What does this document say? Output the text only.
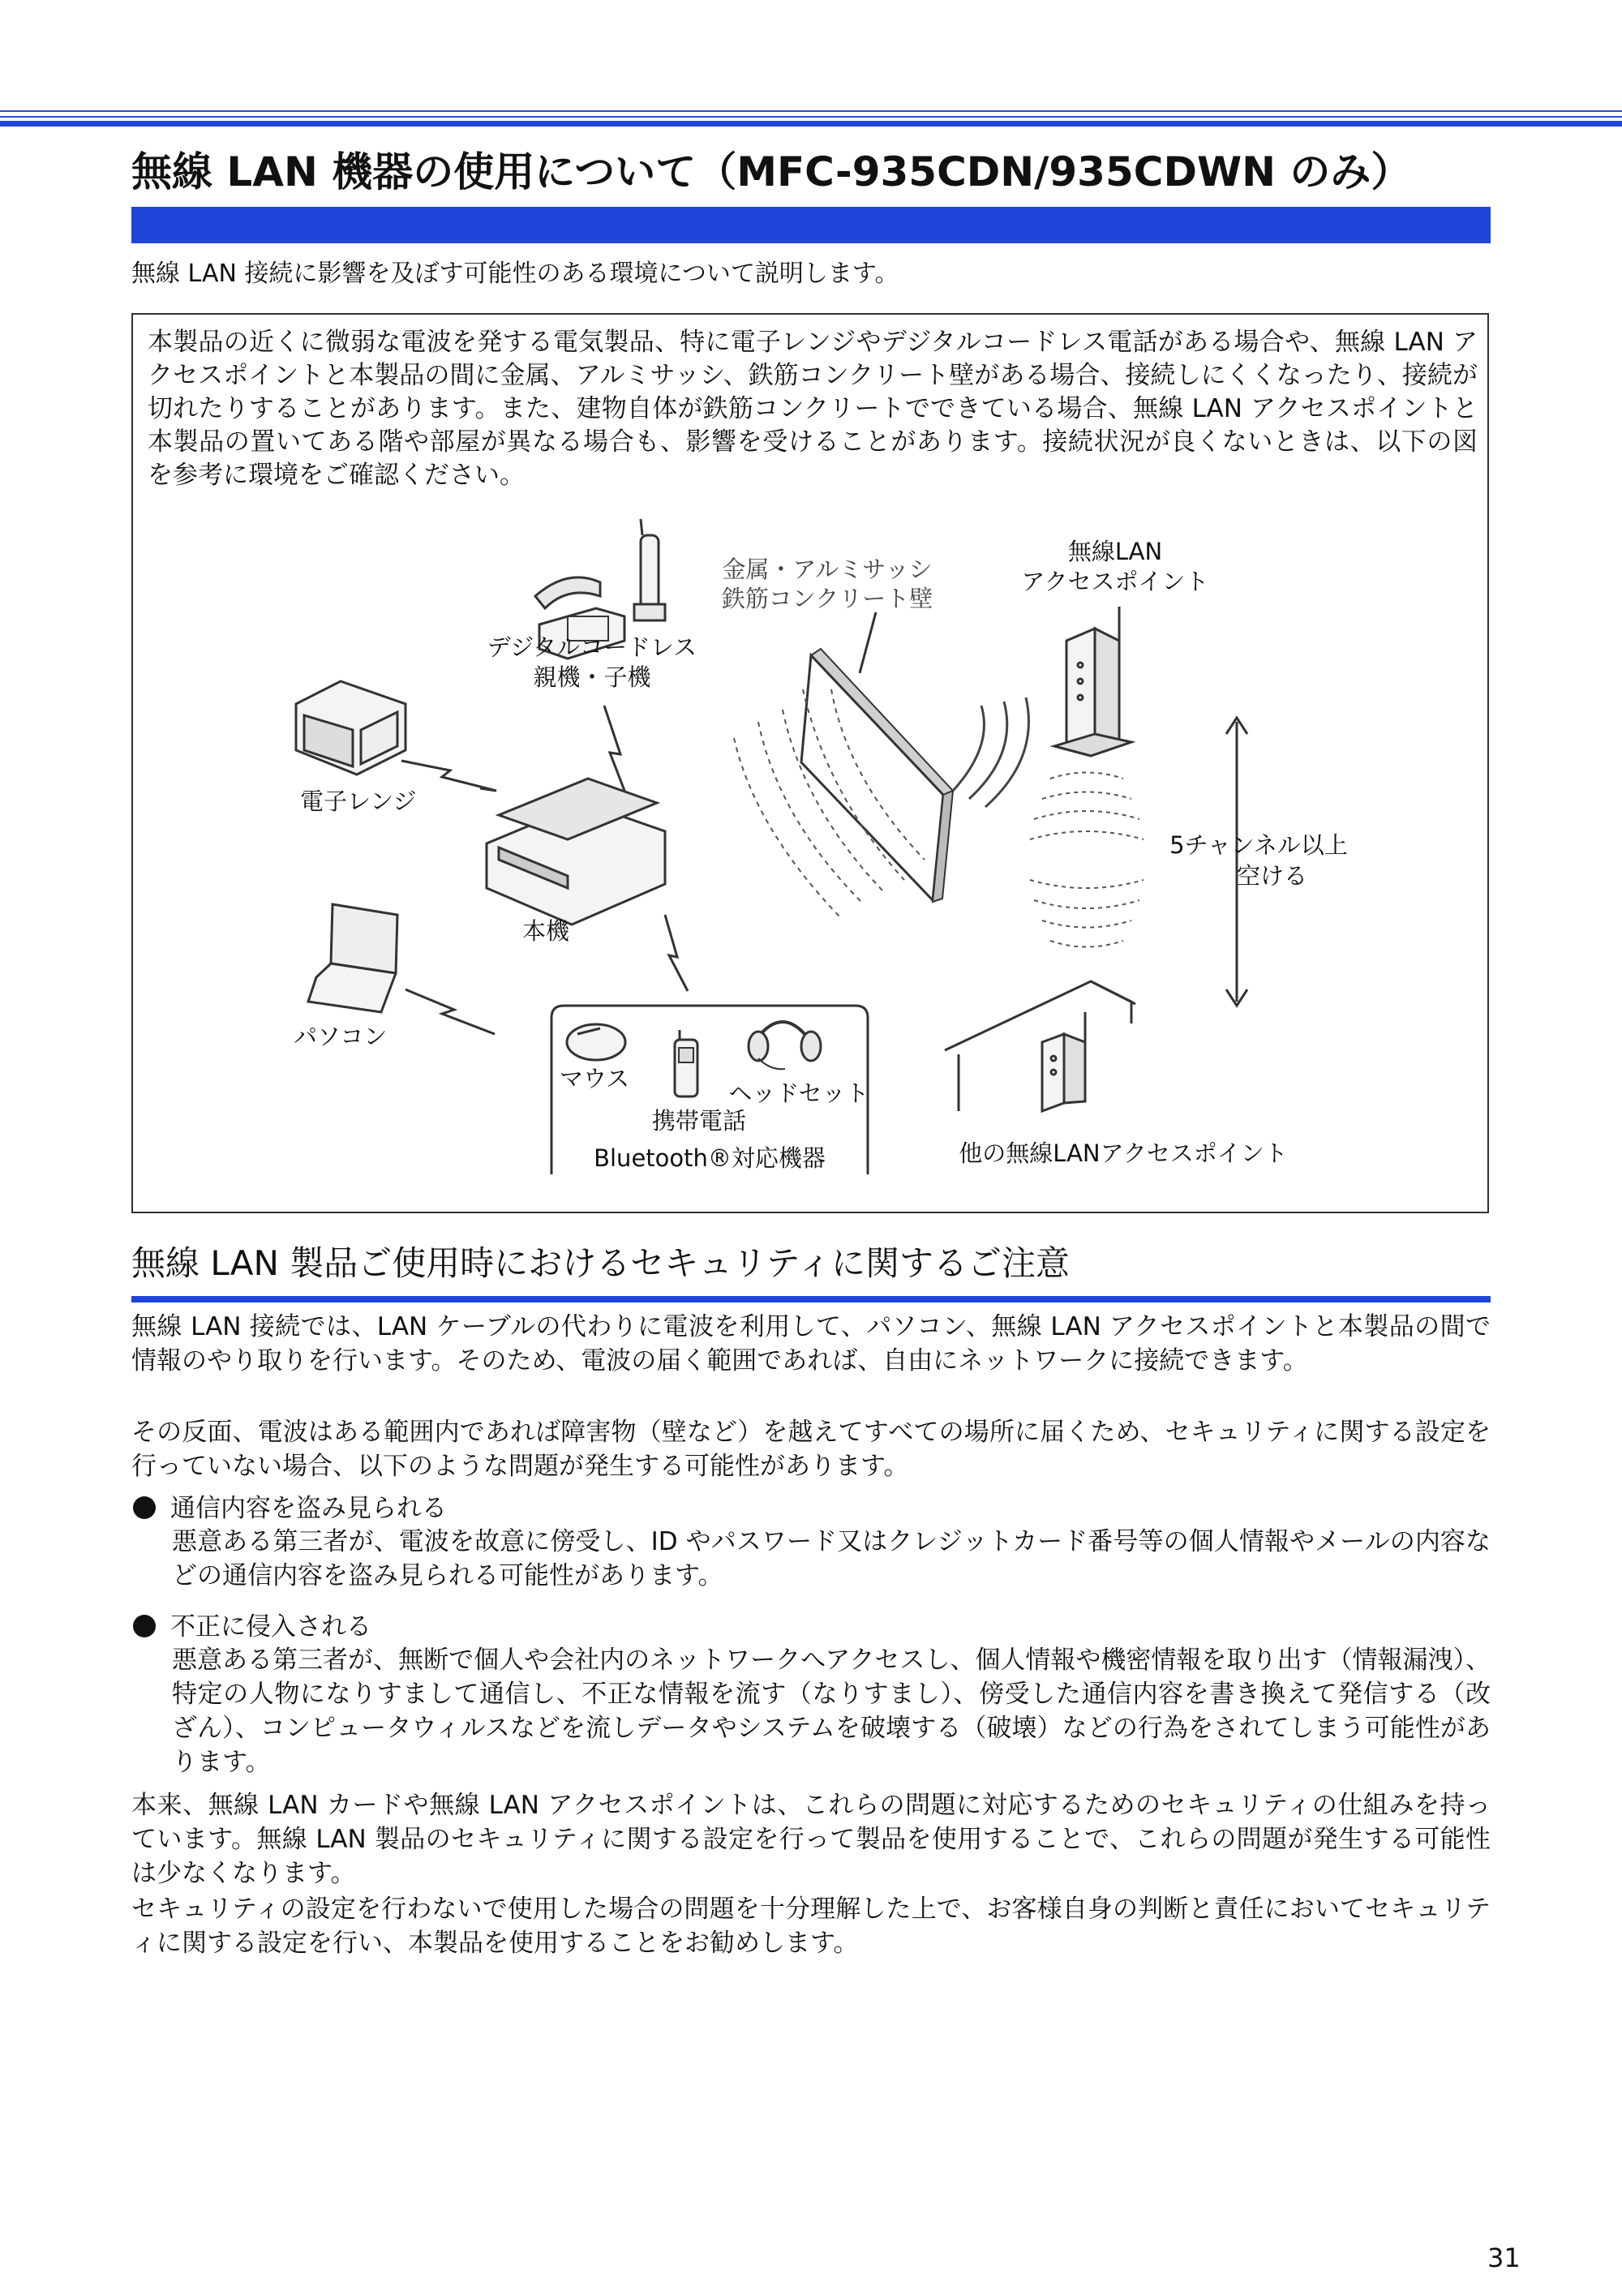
無線 LAN 機器の使用について（MFC-935CDN/935CDWN のみ）
無線 LAN 接続に影響を及ぼす可能性のある環境について説明します。
本製品の近くに微弱な電波を発する電気製品、特に電子レンジやデジタルコードレス電話がある場合や、無線 LAN アクセスポイントと本製品の間に金属、アルミサッシ、鉄筋コンクリート壁がある場合、接続しにくくなったり、接続が切れたりすることがあります。また、建物自体が鉄筋コンクリートでできている場合、無線 LAN アクセスポイントと本製品の置いてある階や部屋が異なる場合も、影響を受けることがあります。接続状況が良くないときは、以下の図を参考に環境をご確認ください。
デジタルコードレス
親機・子機
電子レンジ
本機
パソコン
マウス
携帯電話
ヘッドセット
Bluetooth®対応機器
金属・アルミサッシ
鉄筋コンクリート壁
無線LAN
アクセスポイント
5チャンネル以上
空ける
他の無線LANアクセスポイント
無線 LAN 製品ご使用時におけるセキュリティに関するご注意
無線 LAN 接続では、LAN ケーブルの代わりに電波を利用して、パソコン、無線 LAN アクセスポイントと本製品の間で情報のやり取りを行います。そのため、電波の届く範囲であれば、自由にネットワークに接続できます。
その反面、電波はある範囲内であれば障害物（壁など）を越えてすべての場所に届くため、セキュリティに関する設定を行っていない場合、以下のような問題が発生する可能性があります。
通信内容を盗み見られる
悪意ある第三者が、電波を故意に傍受し、ID やパスワード又はクレジットカード番号等の個人情報やメールの内容などの通信内容を盗み見られる可能性があります。
不正に侵入される
悪意ある第三者が、無断で個人や会社内のネットワークへアクセスし、個人情報や機密情報を取り出す（情報漏洩）、特定の人物になりすまして通信し、不正な情報を流す（なりすまし）、傍受した通信内容を書き換えて発信する（改ざん）、コンピュータウィルスなどを流しデータやシステムを破壊する（破壊）などの行為をされてしまう可能性があります。
本来、無線 LAN カードや無線 LAN アクセスポイントは、これらの問題に対応するためのセキュリティの仕組みを持っています。無線 LAN 製品のセキュリティに関する設定を行って製品を使用することで、これらの問題が発生する可能性は少なくなります。
セキュリティの設定を行わないで使用した場合の問題を十分理解した上で、お客様自身の判断と責任においてセキュリティに関する設定を行い、本製品を使用することをお勧めします。
31
